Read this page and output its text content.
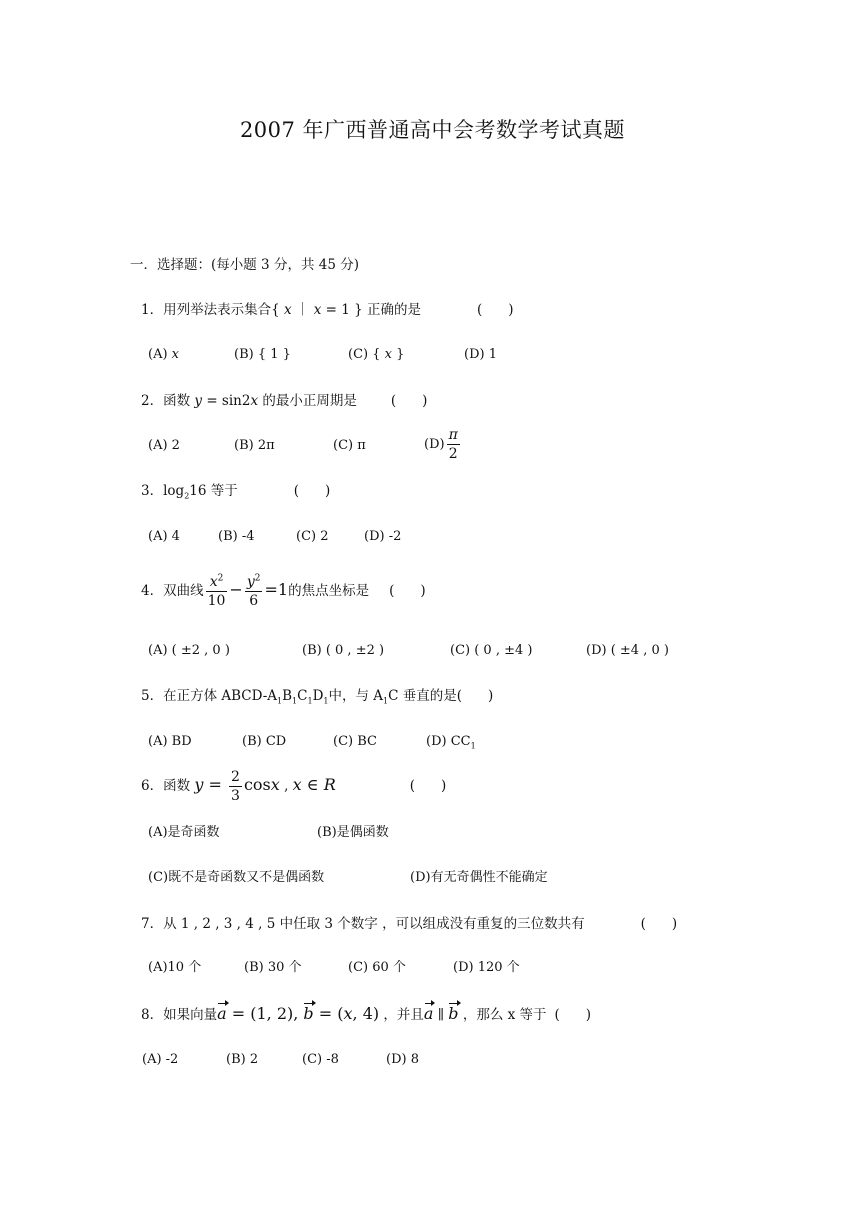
2007 年广西普通高中会考数学考试真题
一．选择题：(每小题 3 分，共 45 分)
1．用列举法表示集合{ x ｜ x = 1 } 正确的是	()
(A) x	(B) { 1 }	(C) { x }	(D) 1
2．函数 y = sin2x 的最小正周期是	()
(A) 2	(B) 2π	(C) π	$(D) \frac{\pi}{2}$
3．$\log_216$ 等于	()
(A) 4	(B) -4	(C) 2	(D) -2
4．双曲线 $\frac{x^2}{10} - \frac{y^2}{6} =1$的焦点坐标是 ()
(A) ( ±2 , 0 )	(B) ( 0 , ±2 )	(C) ( 0 , ±4 )	(D) ( ±4 , 0 )
5．在正方体 ABCD-$A_1B_1C_1D_1$中，与 $A_1C$ 垂直的是()
(A) BD	(B) CD	(C) BC	(D) $CC_1$
6．函数 $y = \frac{2}{3}$ cosx , x ∈ R	()
(A)是奇函数	(B)是偶函数
(C)既不是奇函数又不是偶函数	(D)有无奇偶性不能确定
7．从 1 , 2 , 3 , 4 , 5 中任取 3 个数字 ，可以组成没有重复的三位数共有	()
(A)10 个	(B) 30 个	(C) 60 个	(D) 120 个
8．如果向量a = (1, 2), b = (x, 4) ，并且a ∥ b ，那么 x 等于 ()
(A) -2	(B) 2	(C) -8	(D) 8
